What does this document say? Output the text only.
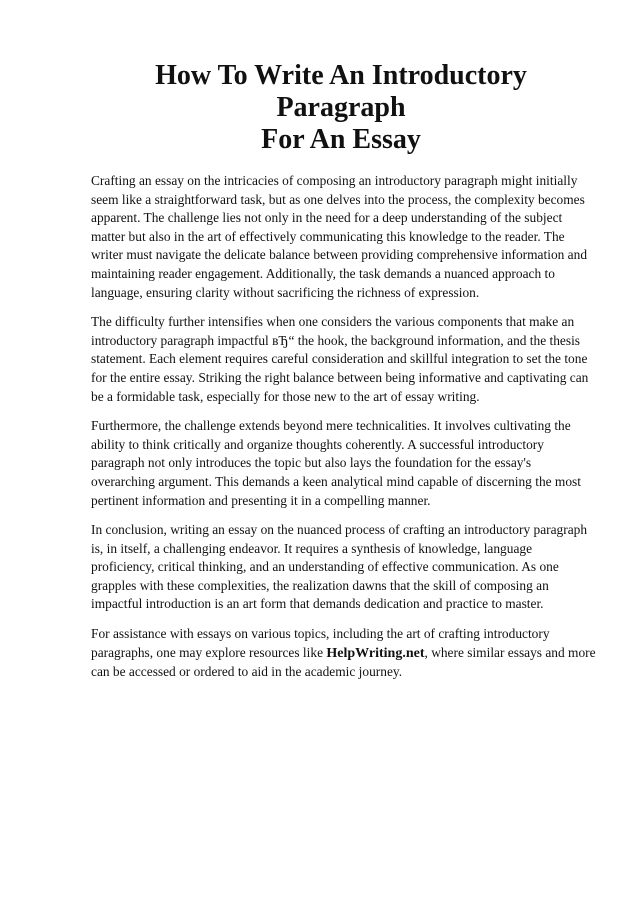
How To Write An Introductory Paragraph
For An Essay

Crafting an essay on the intricacies of composing an introductory paragraph might initially seem like a straightforward task, but as one delves into the process, the complexity becomes apparent. The challenge lies not only in the need for a deep understanding of the subject matter but also in the art of effectively communicating this knowledge to the reader. The writer must navigate the delicate balance between providing comprehensive information and maintaining reader engagement. Additionally, the task demands a nuanced approach to language, ensuring clarity without sacrificing the richness of expression.

The difficulty further intensifies when one considers the various components that make an introductory paragraph impactful вЂ“ the hook, the background information, and the thesis statement. Each element requires careful consideration and skillful integration to set the tone for the entire essay. Striking the right balance between being informative and captivating can be a formidable task, especially for those new to the art of essay writing.

Furthermore, the challenge extends beyond mere technicalities. It involves cultivating the ability to think critically and organize thoughts coherently. A successful introductory paragraph not only introduces the topic but also lays the foundation for the essay's overarching argument. This demands a keen analytical mind capable of discerning the most pertinent information and presenting it in a compelling manner.

In conclusion, writing an essay on the nuanced process of crafting an introductory paragraph is, in itself, a challenging endeavor. It requires a synthesis of knowledge, language proficiency, critical thinking, and an understanding of effective communication. As one grapples with these complexities, the realization dawns that the skill of composing an impactful introduction is an art form that demands dedication and practice to master.

For assistance with essays on various topics, including the art of crafting introductory paragraphs, one may explore resources like HelpWriting.net, where similar essays and more can be accessed or ordered to aid in the academic journey.
